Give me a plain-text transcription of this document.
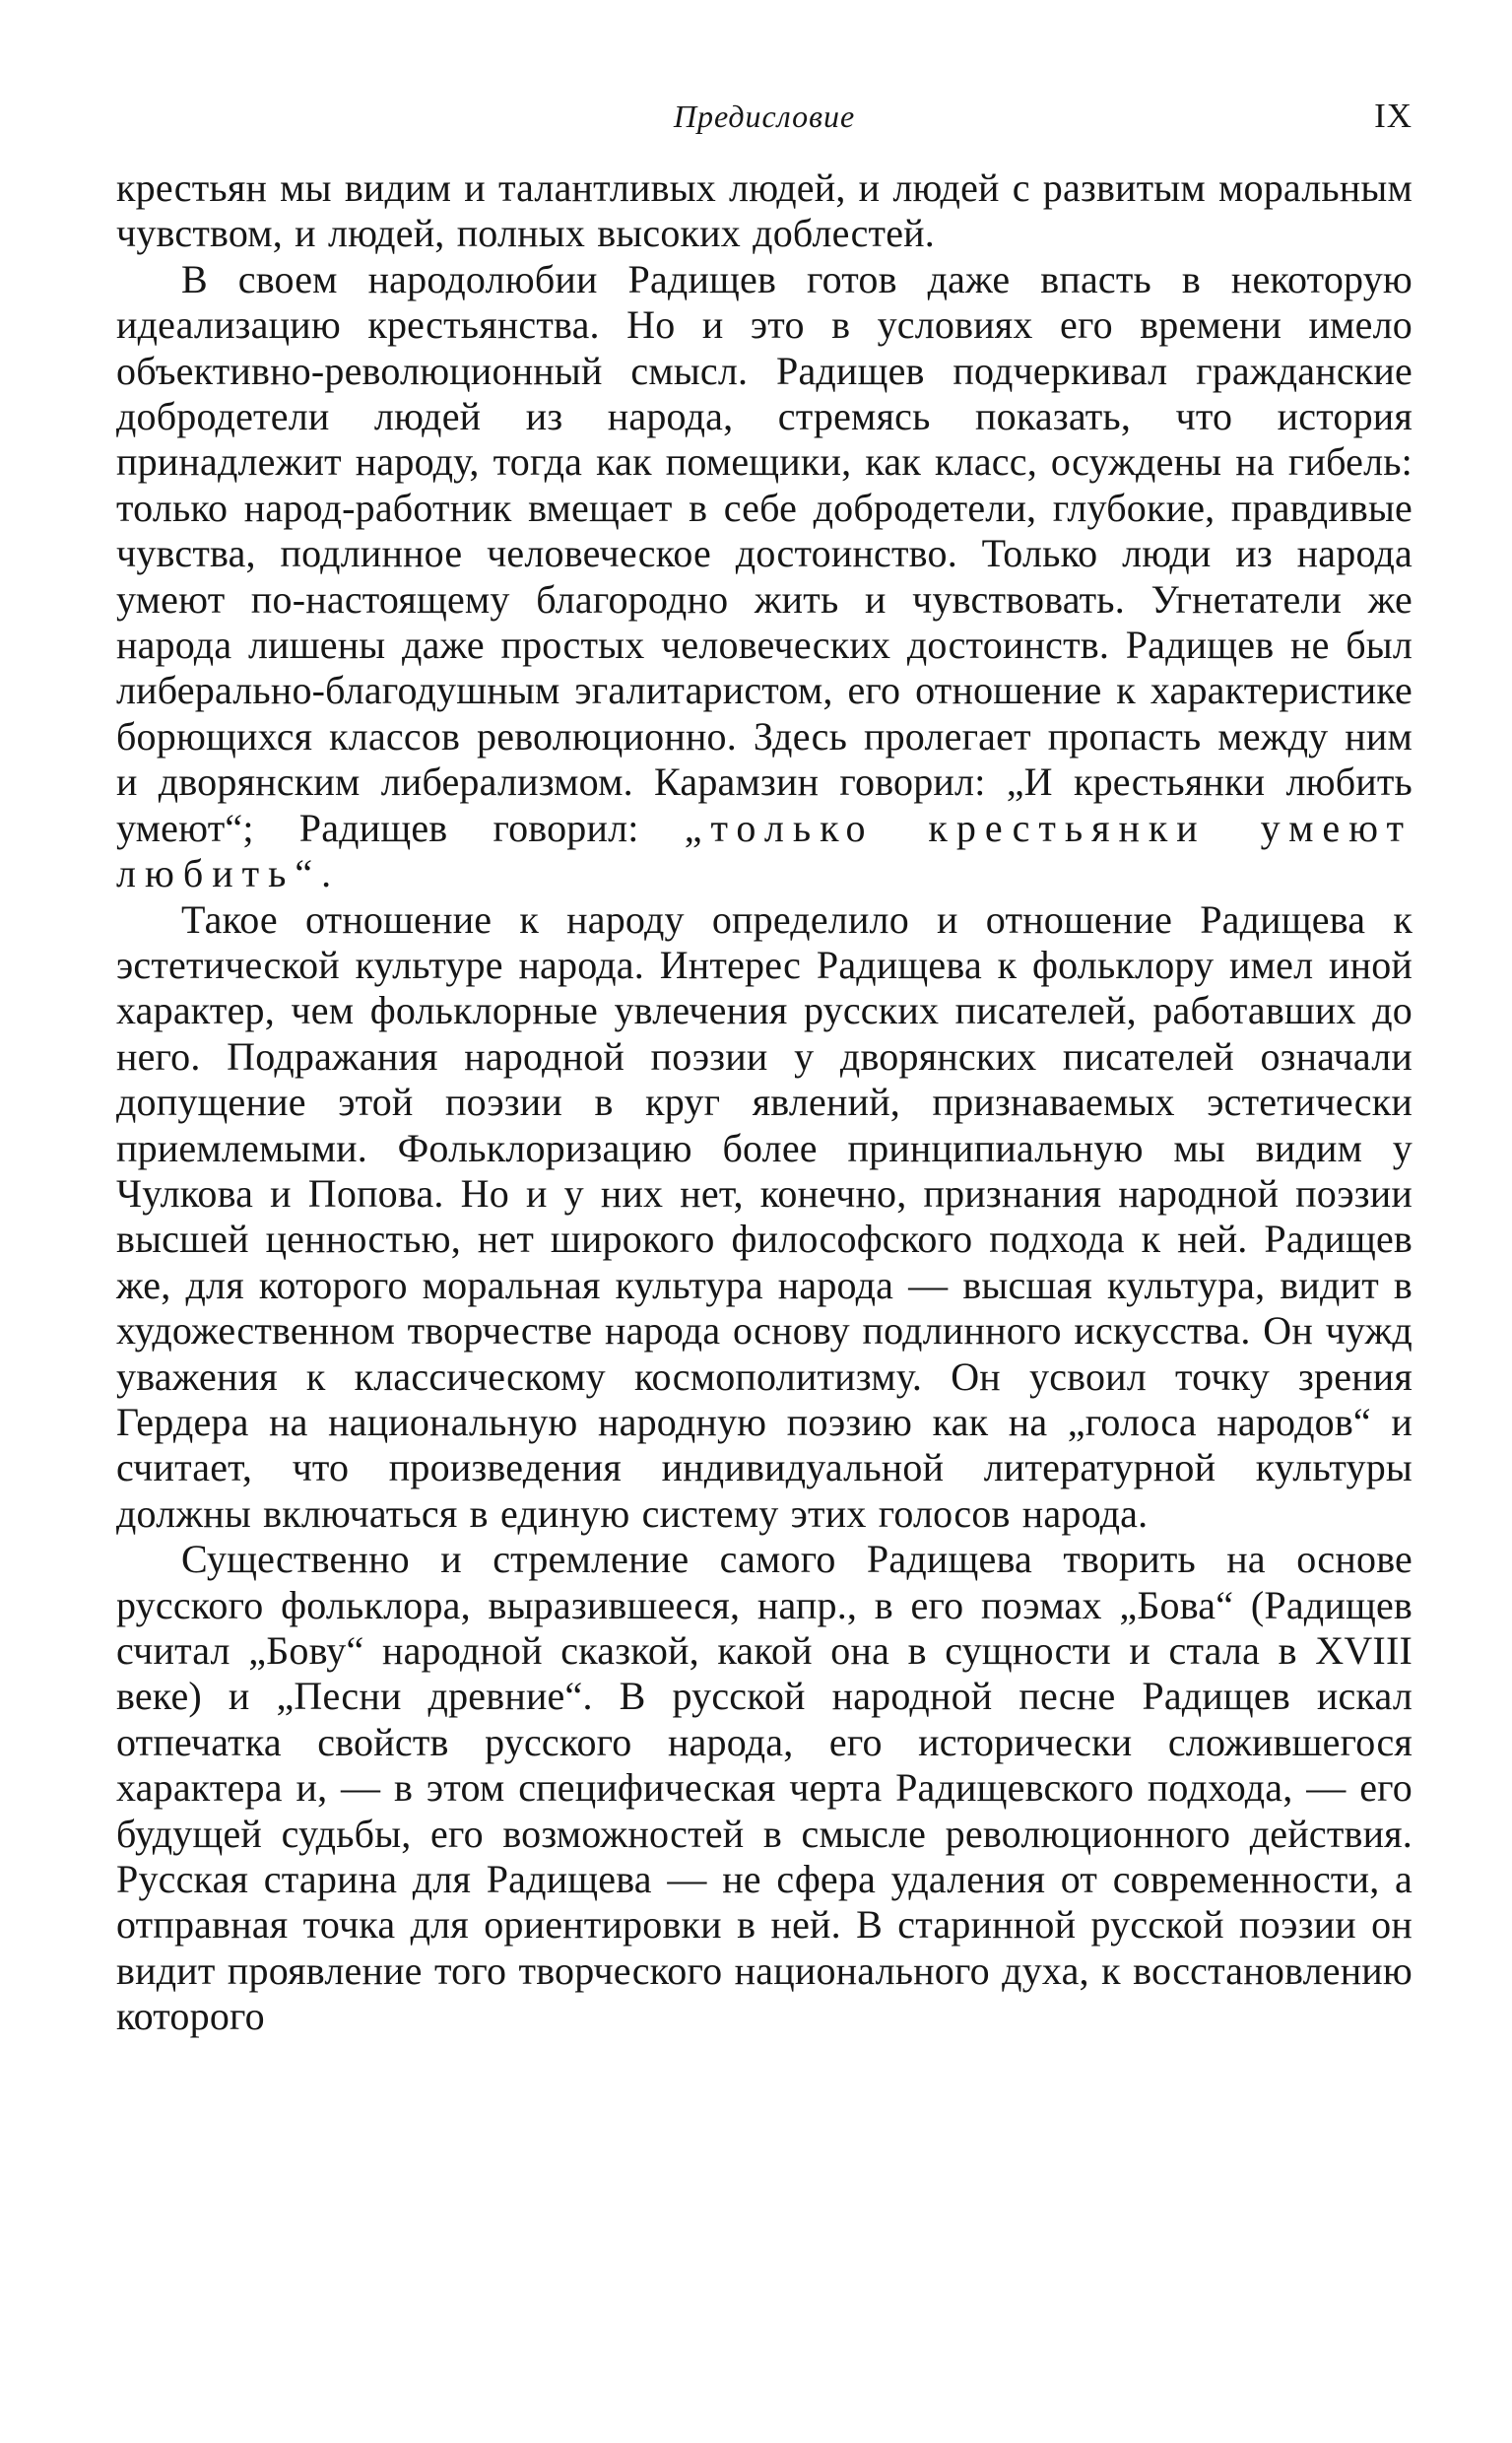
Предисловие	IX

крестьян мы видим и талантливых людей, и людей с развитым моральным чувством, и людей, полных высоких доблестей.

В своем народолюбии Радищев готов даже впасть в некоторую идеализацию крестьянства. Но и это в условиях его времени имело объективно-революционный смысл. Радищев подчеркивал гражданские добродетели людей из народа, стремясь показать, что история принадлежит народу, тогда как помещики, как класс, осуждены на гибель: только народ-работник вмещает в себе добродетели, глубокие, правдивые чувства, подлинное человеческое достоинство. Только люди из народа умеют по-настоящему благородно жить и чувствовать. Угнетатели же народа лишены даже простых человеческих достоинств. Радищев не был либерально-благодушным эгалитаристом, его отношение к характеристике борющихся классов революционно. Здесь пролегает пропасть между ним и дворянским либерализмом. Карамзин говорил: „И крестьянки любить умеют“; Радищев говорил: „только крестьянки умеют любить“.

Такое отношение к народу определило и отношение Радищева к эстетической культуре народа. Интерес Радищева к фольклору имел иной характер, чем фольклорные увлечения русских писателей, работавших до него. Подражания народной поэзии у дворянских писателей означали допущение этой поэзии в круг явлений, признаваемых эстетически приемлемыми. Фольклоризацию более принципиальную мы видим у Чулкова и Попова. Но и у них нет, конечно, признания народной поэзии высшей ценностью, нет широкого философского подхода к ней. Радищев же, для которого моральная культура народа — высшая культура, видит в художественном творчестве народа основу подлинного искусства. Он чужд уважения к классическому космополитизму. Он усвоил точку зрения Гердера на национальную народную поэзию как на „голоса народов“ и считает, что произведения индивидуальной литературной культуры должны включаться в единую систему этих голосов народа.

Существенно и стремление самого Радищева творить на основе русского фольклора, выразившееся, напр., в его поэмах „Бова“ (Радищев считал „Бову“ народной сказкой, какой она в сущности и стала в XVIII веке) и „Песни древние“. В русской народной песне Радищев искал отпечатка свойств русского народа, его исторически сложившегося характера и, — в этом специфическая черта Радищевского подхода, — его будущей судьбы, его возможностей в смысле революционного действия. Русская старина для Радищева — не сфера удаления от современности, а отправная точка для ориентировки в ней. В старинной русской поэзии он видит проявление того творческого национального духа, к восстановлению которого
